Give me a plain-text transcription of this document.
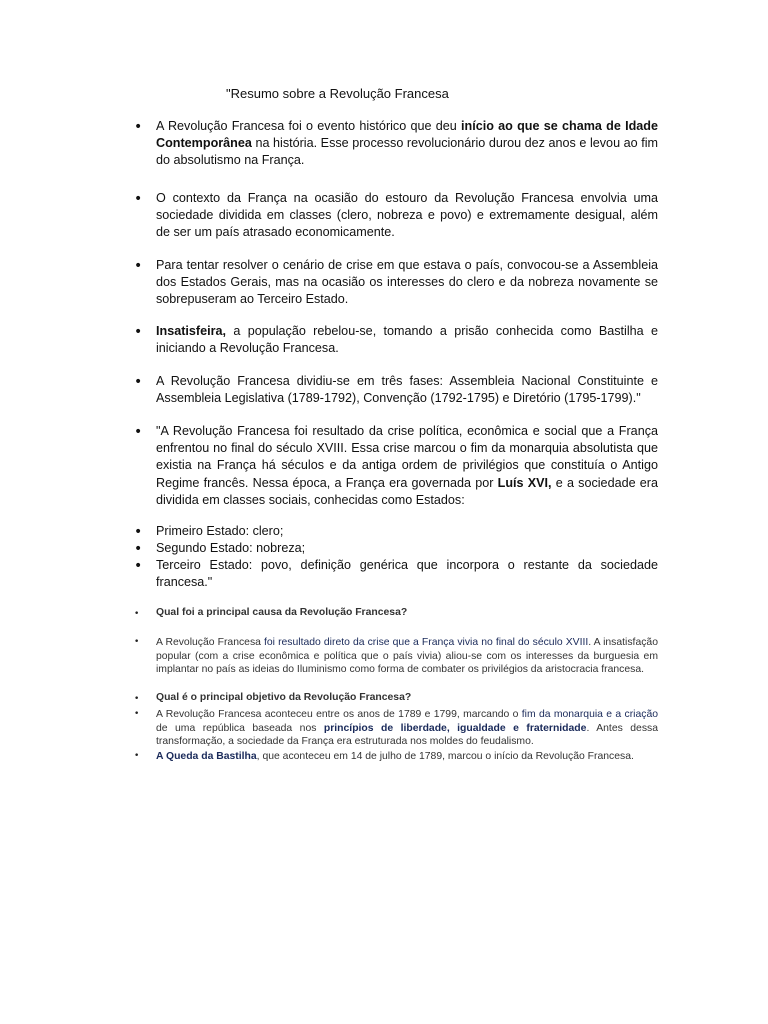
"Resumo sobre a Revolução Francesa
• A Revolução Francesa foi o evento histórico que deu início ao que se chama de Idade
Contemporânea na história. Esse processo revolucionário durou dez anos e levou ao fim
do absolutismo na França.
• O contexto da França na ocasião do estouro da Revolução Francesa envolvia uma
sociedade dividida em classes (clero, nobreza e povo) e extremamente desigual, além
de ser um país atrasado economicamente.
• Para tentar resolver o cenário de crise em que estava o país, convocou-se a Assembleia
dos Estados Gerais, mas na ocasião os interesses do clero e da nobreza novamente se
sobrepuseram ao Terceiro Estado.
• Insatisfeira, a população rebelou-se, tomando a prisão conhecida como Bastilha e
iniciando a Revolução Francesa.
• A Revolução Francesa dividiu-se em três fases: Assembleia Nacional Constituinte e
Assembleia Legislativa (1789-1792), Convenção (1792-1795) e Diretório (1795-1799)."
• "A Revolução Francesa foi resultado da crise política, econômica e social que a França
enfrentou no final do século XVIII. Essa crise marcou o fim da monarquia absolutista que
existia na França há séculos e da antiga ordem de privilégios que constituía o Antigo
Regime francês. Nessa época, a França era governada por Luís XVI, e a sociedade era
dividida em classes sociais, conhecidas como Estados:
• Primeiro Estado: clero;
• Segundo Estado: nobreza;
• Terceiro Estado: povo, definição genérica que incorpora o restante da sociedade
francesa."
• Qual foi a principal causa da Revolução Francesa?
• A Revolução Francesa foi resultado direto da crise que a França vivia no final do século XVIII. A insatisfação
popular (com a crise econômica e política que o país vivia) aliou-se com os interesses da burguesia em
implantar no país as ideias do Iluminismo como forma de combater os privilégios da aristocracia francesa.
• Qual é o principal objetivo da Revolução Francesa?
• A Revolução Francesa aconteceu entre os anos de 1789 e 1799, marcando o fim da monarquia e a criação
de uma república baseada nos princípios de liberdade, igualdade e fraternidade. Antes dessa
transformação, a sociedade da França era estruturada nos moldes do feudalismo.
• A Queda da Bastilha, que aconteceu em 14 de julho de 1789, marcou o início da Revolução Francesa.
